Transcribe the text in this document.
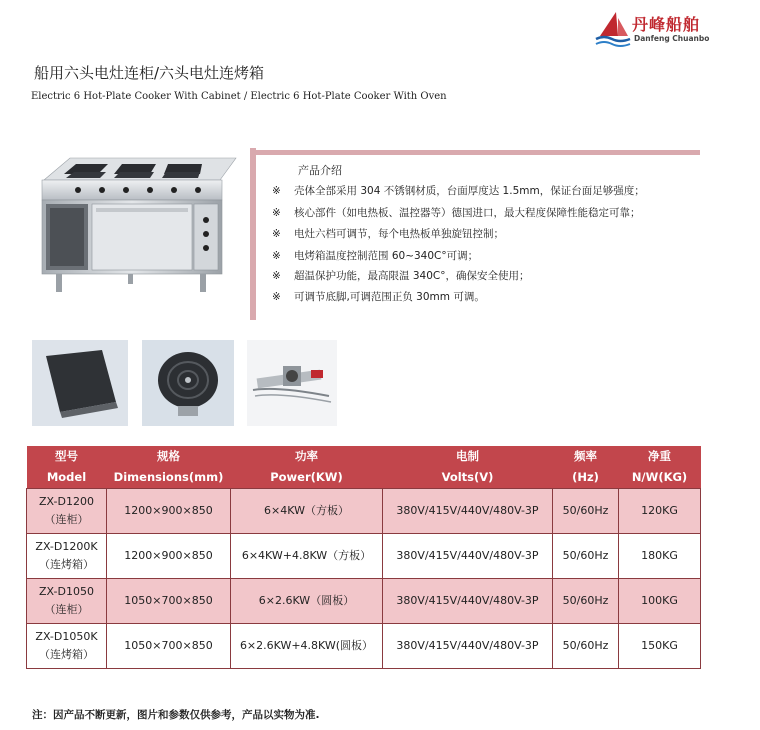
丹峰船舶
Danfeng Chuanbo
船用六头电灶连柜/六头电灶连烤箱
Electric 6 Hot-Plate Cooker With Cabinet / Electric 6 Hot-Plate Cooker With Oven
产品介绍
※ 壳体全部采用 304 不锈钢材质，台面厚度达 1.5mm，保证台面足够强度；
※ 核心部件（如电热板、温控器等）德国进口，最大程度保障性能稳定可靠；
※ 电灶六档可调节，每个电热板单独旋钮控制；
※ 电烤箱温度控制范围 60~340C°可调；
※ 超温保护功能，最高限温 340C°，确保安全使用；
※ 可调节底脚,可调范围正负 30mm 可调。
型号	规格	功率	电制	频率	净重
Model	Dimensions(mm)	Power(KW)	Volts(V)	(Hz)	N/W(KG)
ZX-D1200
（连柜）	1200×900×850	6×4KW（方板）	380V/415V/440V/480V-3P	50/60Hz	120KG
ZX-D1200K
（连烤箱）	1200×900×850	6×4KW+4.8KW（方板）	380V/415V/440V/480V-3P	50/60Hz	180KG
ZX-D1050
（连柜）	1050×700×850	6×2.6KW（圆板）	380V/415V/440V/480V-3P	50/60Hz	100KG
ZX-D1050K
（连烤箱）	1050×700×850	6×2.6KW+4.8KW(圆板）	380V/415V/440V/480V-3P	50/60Hz	150KG
注：因产品不断更新，图片和参数仅供参考，产品以实物为准.
